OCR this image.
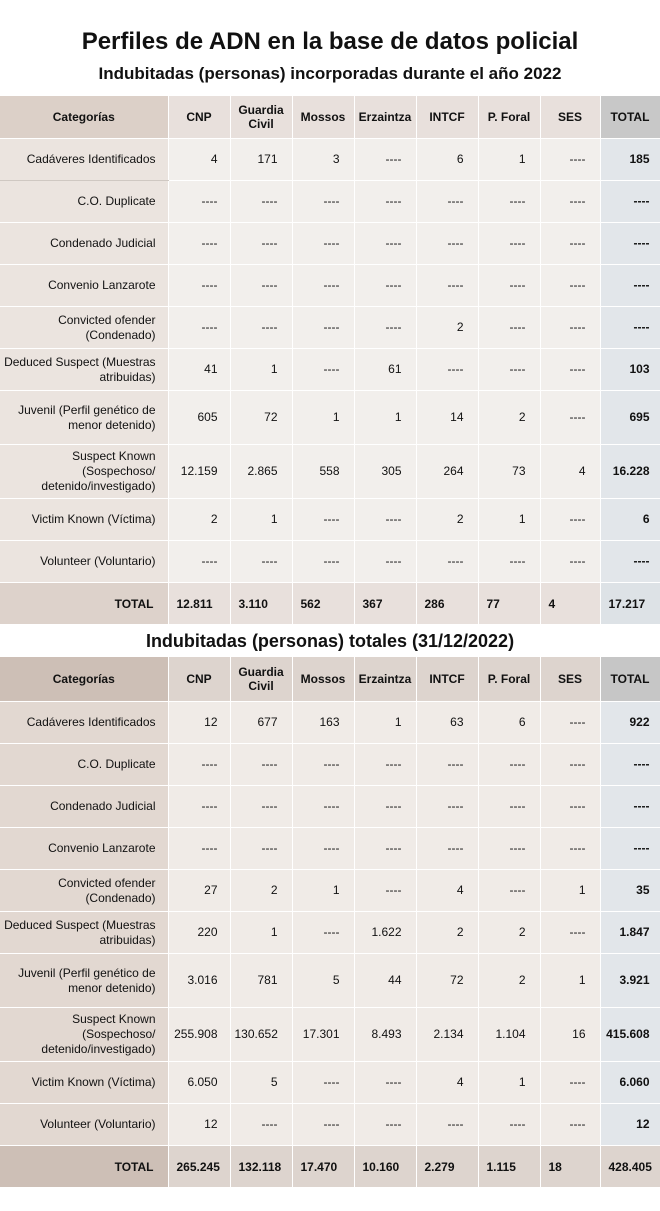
Perfiles de ADN en la base de datos policial
Indubitadas (personas) incorporadas durante el año 2022
Categorías	CNP	Guardia Civil	Mossos	Erzaintza	INTCF	P. Foral	SES	TOTAL
Cadáveres Identificados	4	171	3	----	6	1	----	185
C.O. Duplicate	----	----	----	----	----	----	----	----
Condenado Judicial	----	----	----	----	----	----	----	----
Convenio Lanzarote	----	----	----	----	----	----	----	----
Convicted ofender (Condenado)	----	----	----	----	2	----	----	----
Deduced Suspect (Muestras atribuidas)	41	1	----	61	----	----	----	103
Juvenil (Perfil genético de menor detenido)	605	72	1	1	14	2	----	695
Suspect Known (Sospechoso/ detenido/investigado)	12.159	2.865	558	305	264	73	4	16.228
Victim Known (Víctima)	2	1	----	----	2	1	----	6
Volunteer (Voluntario)	----	----	----	----	----	----	----	----
TOTAL	12.811	3.110	562	367	286	77	4	17.217
Indubitadas (personas) totales (31/12/2022)
Categorías	CNP	Guardia Civil	Mossos	Erzaintza	INTCF	P. Foral	SES	TOTAL
Cadáveres Identificados	12	677	163	1	63	6	----	922
C.O. Duplicate	----	----	----	----	----	----	----	----
Condenado Judicial	----	----	----	----	----	----	----	----
Convenio Lanzarote	----	----	----	----	----	----	----	----
Convicted ofender (Condenado)	27	2	1	----	4	----	1	35
Deduced Suspect (Muestras atribuidas)	220	1	----	1.622	2	2	----	1.847
Juvenil (Perfil genético de menor detenido)	3.016	781	5	44	72	2	1	3.921
Suspect Known (Sospechoso/ detenido/investigado)	255.908	130.652	17.301	8.493	2.134	1.104	16	415.608
Victim Known (Víctima)	6.050	5	----	----	4	1	----	6.060
Volunteer (Voluntario)	12	----	----	----	----	----	----	12
TOTAL	265.245	132.118	17.470	10.160	2.279	1.115	18	428.405
